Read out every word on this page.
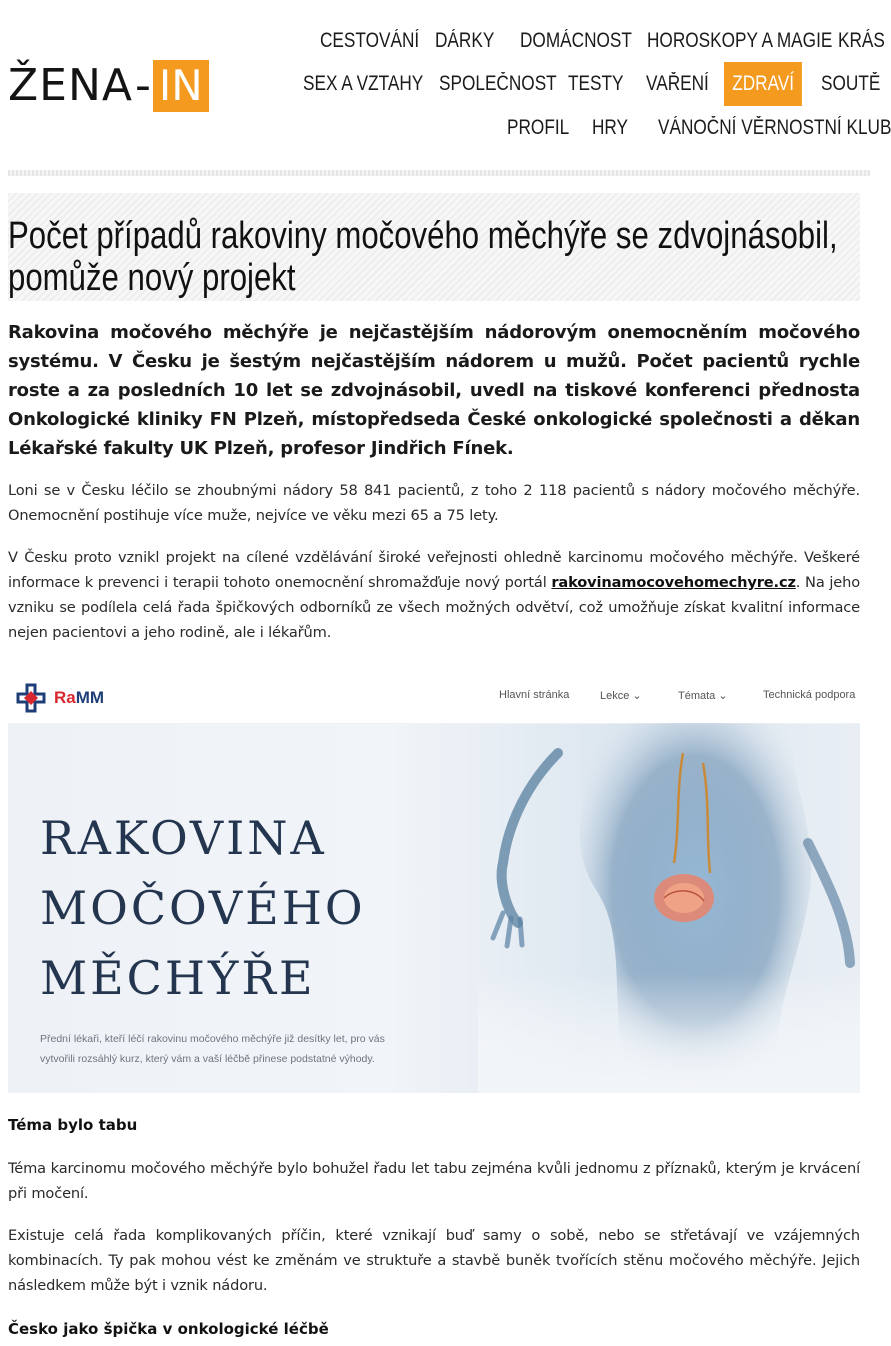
ŽENA - IN
CESTOVÁNÍ DÁRKY DOMÁCNOST HOROSKOPY A MAGIE KRÁS
SEX A VZTAHY SPOLEČNOST TESTY VAŘENÍ	ZDRAVÍ	SOUTĚ
PROFIL HRY VÁNOČNÍ VĚRNOSTNÍ KLUB
Počet případů rakoviny močového měchýře se zdvojnásobil, pomůže nový projekt

Rakovina močového měchýře je nejčastějším nádorovým onemocněním močového systému. V Česku je šestým nejčastějším nádorem u mužů. Počet pacientů rychle roste a za posledních 10 let se zdvojnásobil, uvedl na tiskové konferenci přednosta Onkologické kliniky FN Plzeň, místopředseda České onkologické společnosti a děkan Lékařské fakulty UK Plzeň, profesor Jindřich Fínek.

Loni se v Česku léčilo se zhoubnými nádory 58 841 pacientů, z toho 2 118 pacientů s nádory močového měchýře. Onemocnění postihuje více muže, nejvíce ve věku mezi 65 a 75 lety.

V Česku proto vznikl projekt na cílené vzdělávání široké veřejnosti ohledně karcinomu močového měchýře. Veškeré informace k prevenci i terapii tohoto onemocnění shromažďuje nový portál rakovinamocovehomechyre.cz. Na jeho vzniku se podílela celá řada špičkových odborníků ze všech možných odvětví, což umožňuje získat kvalitní informace nejen pacientovi a jeho rodině, ale i lékařům.

RaMM	Hlavní stránka	Lekce ⌄	Témata ⌄	Technická podpora
RAKOVINA
MOČOVÉHO
MĚCHÝŘE

Přední lékaři, kteří léčí rakovinu močového měchýře již desítky let, pro vás vytvořili rozsáhlý kurz, který vám a vaší léčbě přinese podstatné výhody.

Téma bylo tabu

Téma karcinomu močového měchýře bylo bohužel řadu let tabu zejména kvůli jednomu z příznaků, kterým je krvácení při močení.

Existuje celá řada komplikovaných příčin, které vznikají buď samy o sobě, nebo se střetávají ve vzájemných kombinacích. Ty pak mohou vést ke změnám ve struktuře a stavbě buněk tvořících stěnu močového měchýře. Jejich následkem může být i vznik nádoru.

Česko jako špička v onkologické léčbě
